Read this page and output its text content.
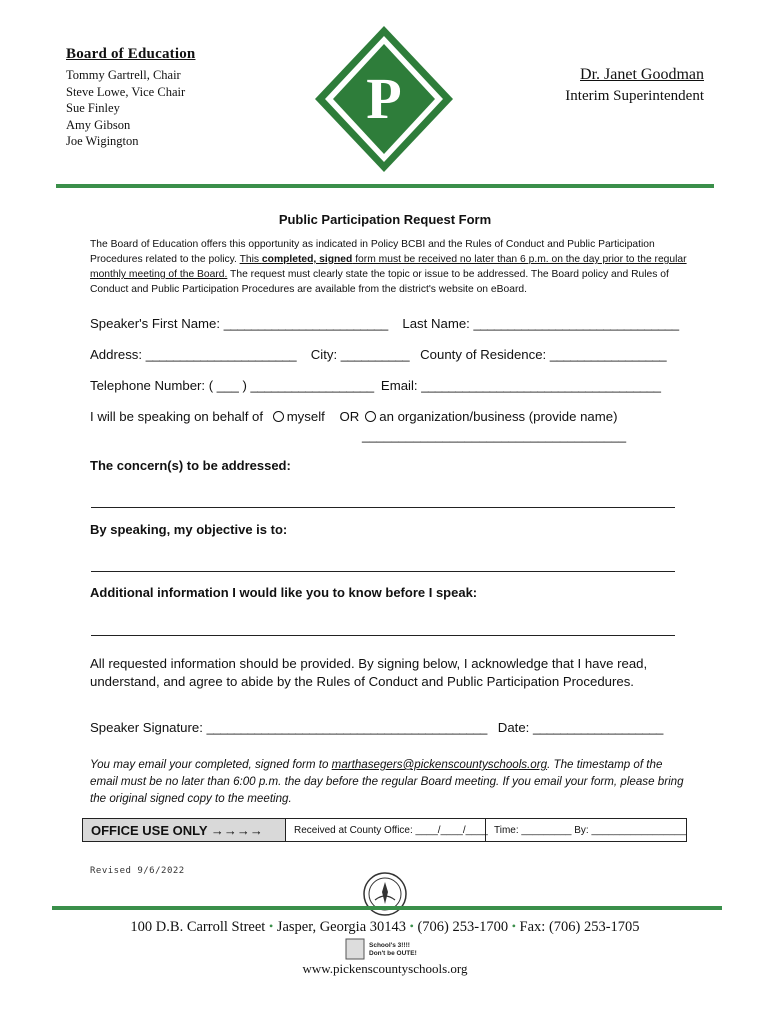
Board of Education
Tommy Gartrell, Chair
Steve Lowe, Vice Chair
Sue Finley
Amy Gibson
Joe Wigington
P	Dr. Janet Goodman
Interim Superintendent
Public Participation Request Form
The Board of Education offers this opportunity as indicated in Policy BCBI and the Rules of Conduct and Public Participation Procedures related to the policy. This completed, signed form must be received no later than 6 p.m. on the day prior to the regular monthly meeting of the Board. The request must clearly state the topic or issue to be addressed. The Board policy and Rules of Conduct and Public Participation Procedures are available from the district's website on eBoard.
Speaker's First Name: ________________________ Last Name: ______________________________
Address: ______________________ City: __________ County of Residence: _________________
Telephone Number: ( ___ ) __________________ Email: ___________________________________
I will be speaking on behalf of myself OR an organization/business (provide name)
____________________________________
The concern(s) to be addressed:
By speaking, my objective is to:
Additional information I would like you to know before I speak:
All requested information should be provided. By signing below, I acknowledge that I have read, understand, and agree to abide by the Rules of Conduct and Public Participation Procedures.
Speaker Signature: _________________________________________ Date: ___________________
You may email your completed, signed form to marthasegers@pickenscountyschools.org. The timestamp of the email must be no later than 6:00 p.m. the day before the regular Board meeting. If you email your form, please bring the original signed copy to the meeting.
OFFICE USE ONLY →→→→	Received at County Office: ____/____/____ Time: _________ By: _________________
Revised 9/6/2022
100 D.B. Carroll Street • Jasper, Georgia 30143 • (706) 253-1700 • Fax: (706) 253-1705
School's 3!!!!
Don't be OUTE!
www.pickenscountyschools.org
